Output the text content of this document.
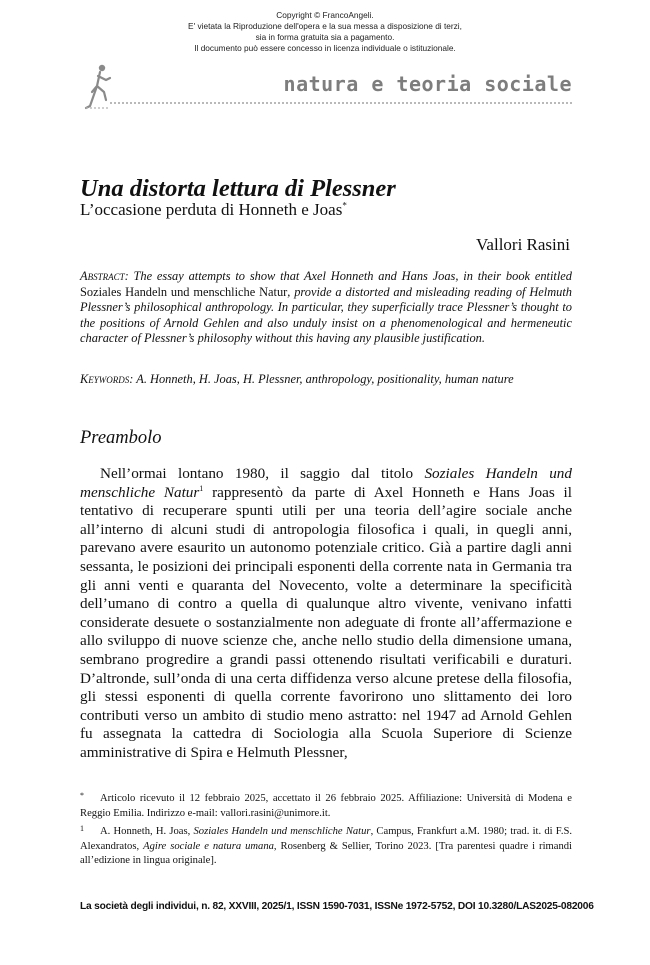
Copyright © FrancoAngeli.
E' vietata la Riproduzione dell'opera e la sua messa a disposizione di terzi,
sia in forma gratuita sia a pagamento.
Il documento può essere concesso in licenza individuale o istituzionale.
natura e teoria sociale
Una distorta lettura di Plessner
L’occasione perduta di Honneth e Joas*
Vallori Rasini
Abstract: The essay attempts to show that Axel Honneth and Hans Joas, in their book entitled Soziales Handeln und menschliche Natur, provide a distorted and misleading reading of Helmuth Plessner’s philosophical anthropology. In particular, they superficially trace Plessner’s thought to the positions of Arnold Gehlen and also unduly insist on a phenomenological and hermeneutic character of Plessner’s philosophy without this having any plausible justification.
Keywords: A. Honneth, H. Joas, H. Plessner, anthropology, positionality, human nature
Preambolo

Nell’ormai lontano 1980, il saggio dal titolo Soziales Handeln und menschliche Natur$^1$ rappresentò da parte di Axel Honneth e Hans Joas il tentativo di recuperare spunti utili per una teoria dell’agire sociale anche all’interno di alcuni studi di antropologia filosofica i quali, in quegli anni, parevano avere esaurito un autonomo potenziale critico. Già a partire dagli anni sessanta, le posizioni dei principali esponenti della corrente nata in Germania tra gli anni venti e quaranta del Novecento, volte a determinare la specificità dell’umano di contro a quella di qualunque altro vivente, venivano infatti considerate desuete o sostanzialmente non adeguate di fronte all’affermazione e allo sviluppo di nuove scienze che, anche nello studio della dimensione umana, sembrano progredire a grandi passi ottenendo risultati verificabili e duraturi. D’altronde, sull’onda di una certa diffidenza verso alcune pretese della filosofia, gli stessi esponenti di quella corrente favorirono uno slittamento dei loro contributi verso un ambito di studio meno astratto: nel 1947 ad Arnold Gehlen fu assegnata la cattedra di Sociologia alla Scuola Superiore di Scienze amministrative di Spira e Helmuth Plessner,

* Articolo ricevuto il 12 febbraio 2025, accettato il 26 febbraio 2025. Affiliazione: Università di Modena e Reggio Emilia. Indirizzo e-mail: vallori.rasini@unimore.it.

1 A. Honneth, H. Joas, Soziales Handeln und menschliche Natur, Campus, Frankfurt a.M. 1980; trad. it. di F.S. Alexandratos, Agire sociale e natura umana, Rosenberg & Sellier, Torino 2023. [Tra parentesi quadre i rimandi all’edizione in lingua originale].

La società degli individui, n. 82, XXVIII, 2025/1, ISSN 1590-7031, ISSNe 1972-5752, DOI 10.3280/LAS2025-082006
